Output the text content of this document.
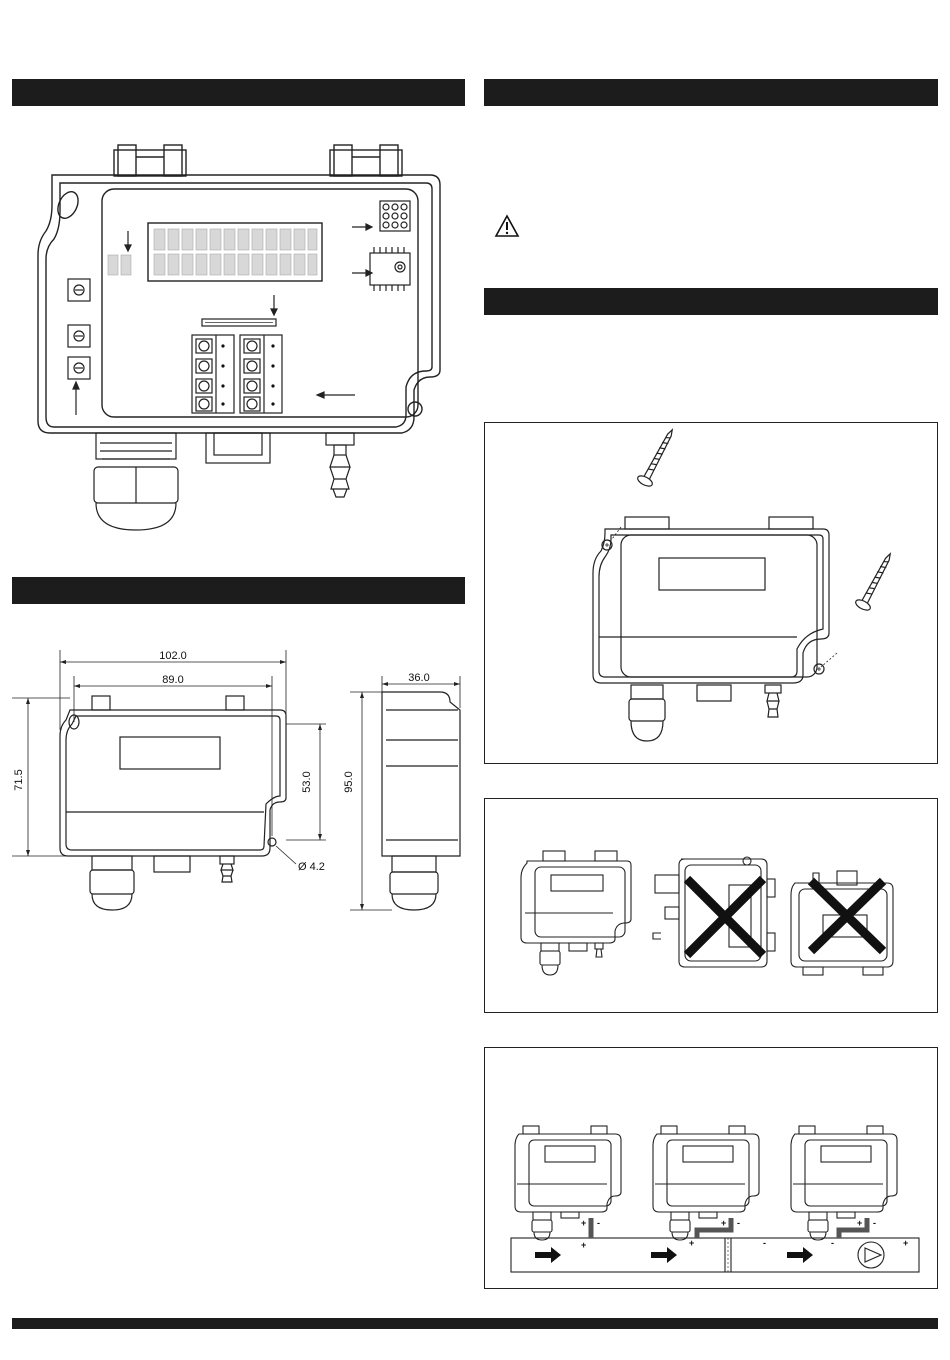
102.0
89.0
71.5	53.0
Ø 4.2
36.0
95.0
+ -
+
+ -
+	-
+ -
-	+
